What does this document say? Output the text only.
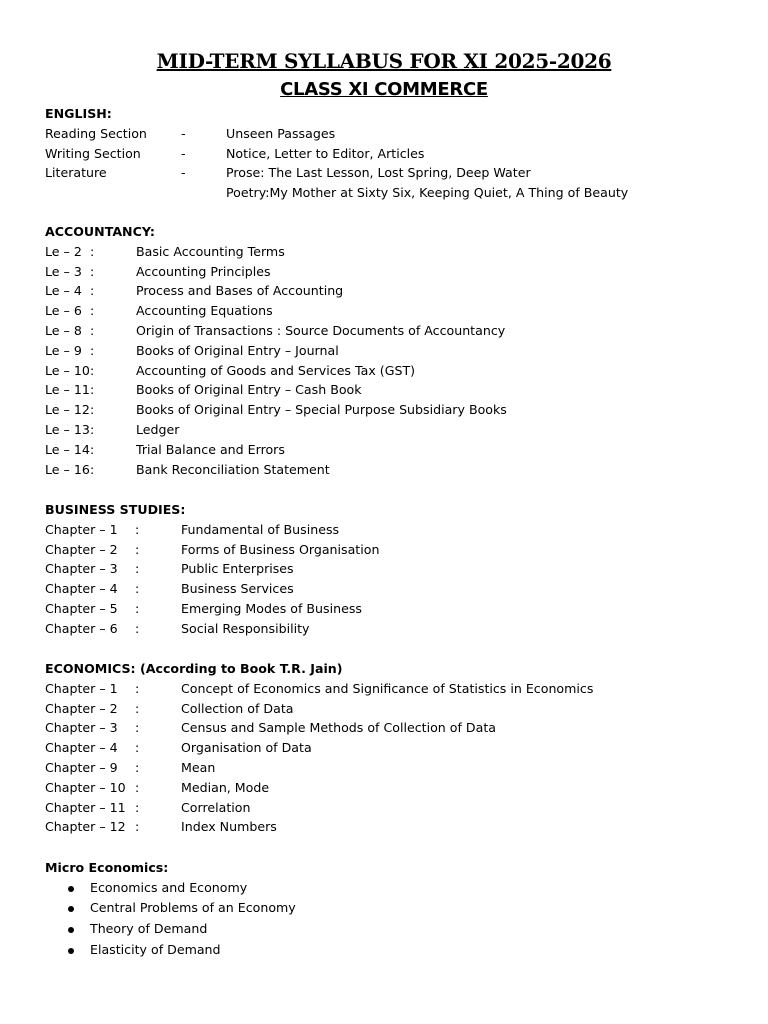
MID-TERM SYLLABUS FOR XI 2025-2026
CLASS XI COMMERCE
ENGLISH:
Reading Section	-	Unseen Passages
Writing Section	-	Notice, Letter to Editor, Articles
Literature	-	Prose: The Last Lesson, Lost Spring, Deep Water
Poetry:My Mother at Sixty Six, Keeping Quiet, A Thing of Beauty
ACCOUNTANCY:
Le – 2 :	Basic Accounting Terms
Le – 3 :	Accounting Principles
Le – 4 :	Process and Bases of Accounting
Le – 6 :	Accounting Equations
Le – 8 :	Origin of Transactions : Source Documents of Accountancy
Le – 9 :	Books of Original Entry – Journal
Le – 10 :	Accounting of Goods and Services Tax (GST)
Le – 11 :	Books of Original Entry – Cash Book
Le – 12 :	Books of Original Entry – Special Purpose Subsidiary Books
Le – 13 :	Ledger
Le – 14 :	Trial Balance and Errors
Le – 16 :	Bank Reconciliation Statement
BUSINESS STUDIES:
Chapter – 1 :	Fundamental of Business
Chapter – 2 :	Forms of Business Organisation
Chapter – 3 :	Public Enterprises
Chapter – 4 :	Business Services
Chapter – 5 :	Emerging Modes of Business
Chapter – 6 :	Social Responsibility
ECONOMICS: (According to Book T.R. Jain)
Chapter – 1 :	Concept of Economics and Significance of Statistics in Economics
Chapter – 2 :	Collection of Data
Chapter – 3 :	Census and Sample Methods of Collection of Data
Chapter – 4 :	Organisation of Data
Chapter – 9 :	Mean
Chapter – 10 :	Median, Mode
Chapter – 11 :	Correlation
Chapter – 12 :	Index Numbers
Micro Economics:
Economics and Economy
Central Problems of an Economy
Theory of Demand
Elasticity of Demand
